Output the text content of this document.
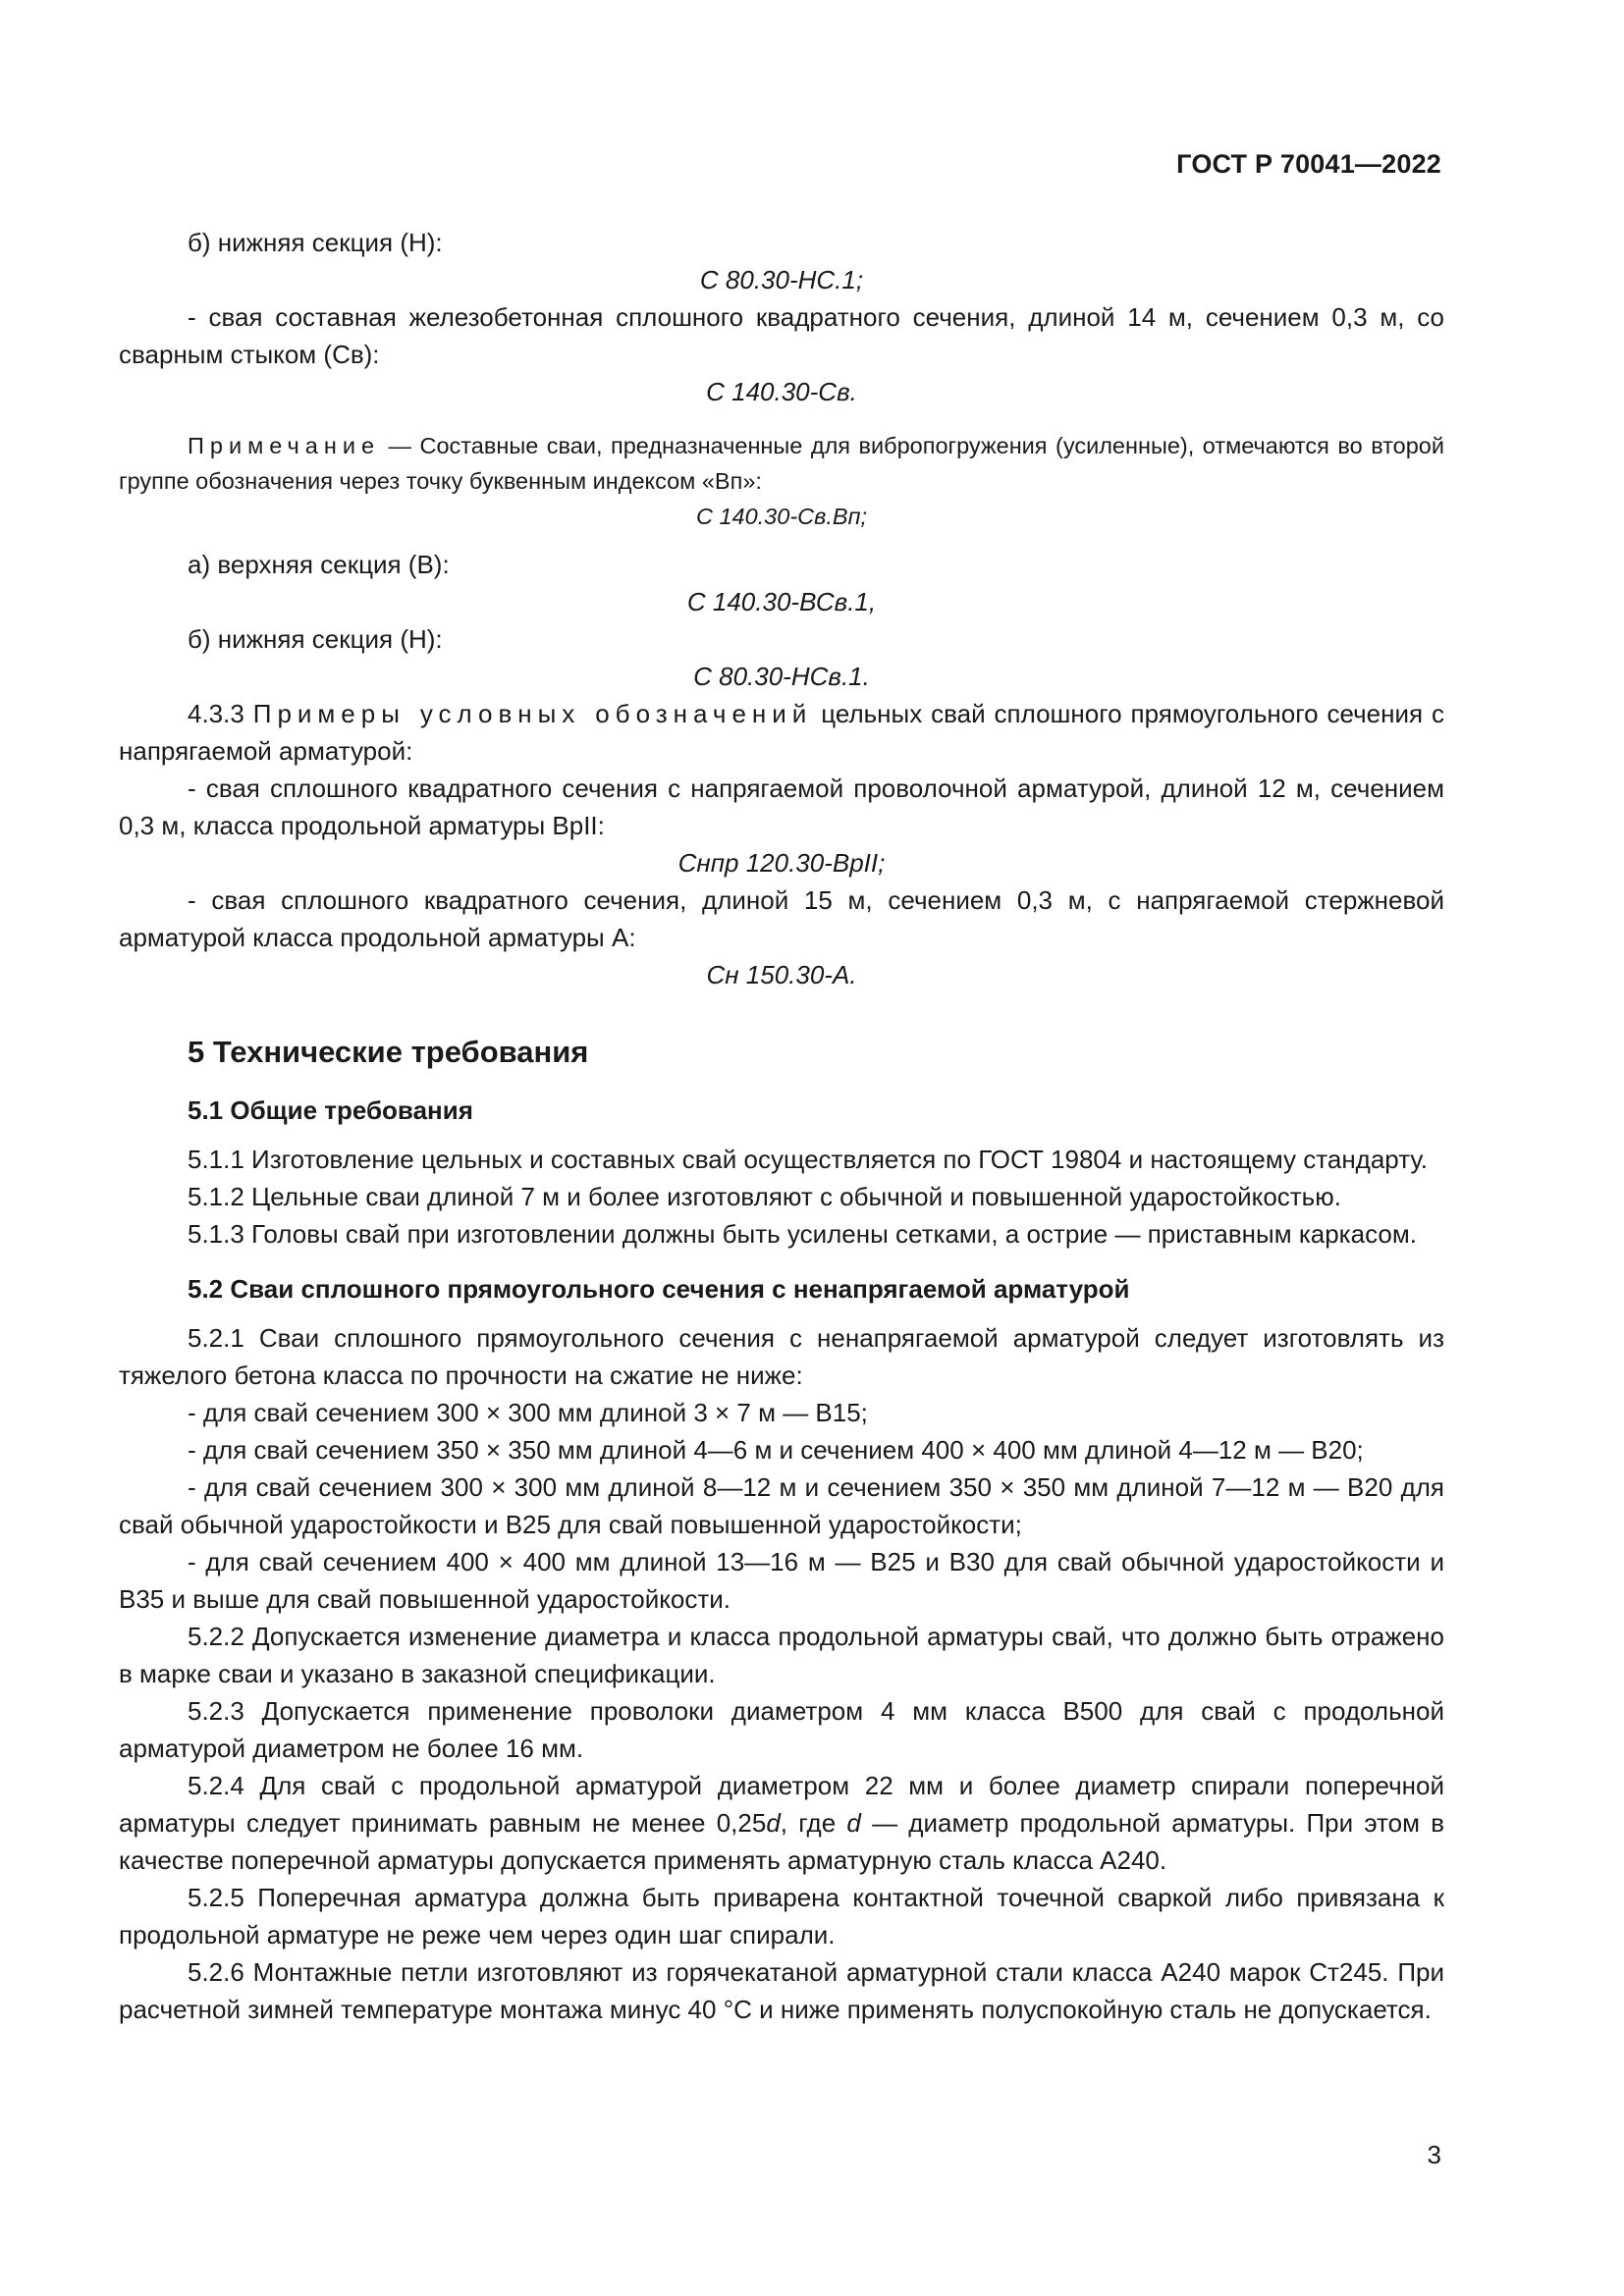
ГОСТ Р 70041—2022

б) нижняя секция (Н):

С 80.30-НС.1;

- свая составная железобетонная сплошного квадратного сечения, длиной 14 м, сечением 0,3 м, со сварным стыком (Св):

С 140.30-Св.

Примечание — Составные сваи, предназначенные для вибропогружения (усиленные), отмечаются во второй группе обозначения через точку буквенным индексом «Вп»:

С 140.30-Св.Вп;

а) верхняя секция (В):

С 140.30-ВСв.1,

б) нижняя секция (Н):

С 80.30-НСв.1.

4.3.3 Примеры условных обозначений цельных свай сплошного прямоугольного сечения с напрягаемой арматурой:

- свая сплошного квадратного сечения с напрягаемой проволочной арматурой, длиной 12 м, сечением 0,3 м, класса продольной арматуры ВрII:

Снпр 120.30-ВрII;

- свая сплошного квадратного сечения, длиной 15 м, сечением 0,3 м, с напрягаемой стержневой арматурой класса продольной арматуры А:

Сн 150.30-А.

5 Технические требования

5.1 Общие требования

5.1.1 Изготовление цельных и составных свай осуществляется по ГОСТ 19804 и настоящему стандарту.

5.1.2 Цельные сваи длиной 7 м и более изготовляют с обычной и повышенной ударостойкостью.

5.1.3 Головы свай при изготовлении должны быть усилены сетками, а острие — приставным каркасом.

5.2 Сваи сплошного прямоугольного сечения с ненапрягаемой арматурой

5.2.1 Сваи сплошного прямоугольного сечения с ненапрягаемой арматурой следует изготовлять из тяжелого бетона класса по прочности на сжатие не ниже:

- для свай сечением 300 × 300 мм длиной 3 × 7 м — В15;

- для свай сечением 350 × 350 мм длиной 4—6 м и сечением 400 × 400 мм длиной 4—12 м — В20;

- для свай сечением 300 × 300 мм длиной 8—12 м и сечением 350 × 350 мм длиной 7—12 м — В20 для свай обычной ударостойкости и В25 для свай повышенной ударостойкости;

- для свай сечением 400 × 400 мм длиной 13—16 м — В25 и В30 для свай обычной ударостойкости и В35 и выше для свай повышенной ударостойкости.

5.2.2 Допускается изменение диаметра и класса продольной арматуры свай, что должно быть отражено в марке сваи и указано в заказной спецификации.

5.2.3 Допускается применение проволоки диаметром 4 мм класса В500 для свай с продольной арматурой диаметром не более 16 мм.

5.2.4 Для свай с продольной арматурой диаметром 22 мм и более диаметр спирали поперечной арматуры следует принимать равным не менее 0,25d, где d — диаметр продольной арматуры. При этом в качестве поперечной арматуры допускается применять арматурную сталь класса А240.

5.2.5 Поперечная арматура должна быть приварена контактной точечной сваркой либо привязана к продольной арматуре не реже чем через один шаг спирали.

5.2.6 Монтажные петли изготовляют из горячекатаной арматурной стали класса А240 марок Ст245. При расчетной зимней температуре монтажа минус 40 °С и ниже применять полуспокойную сталь не допускается.

3
